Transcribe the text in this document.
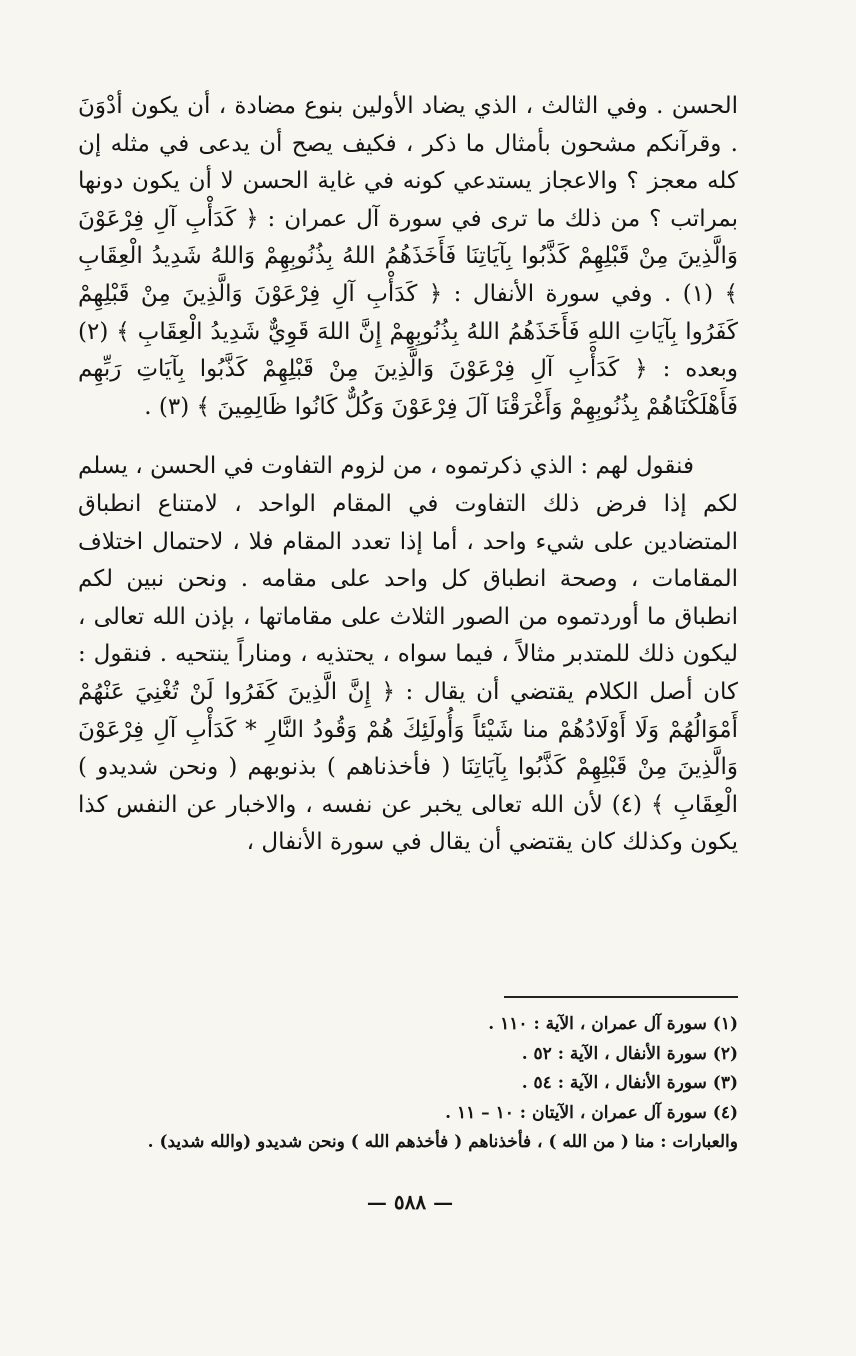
الحسن . وفي الثالث ، الذي يضاد الأولين بنوع مضادة ، أن يكون أدْوَنَ . وقرآنكم مشحون بأمثال ما ذكر ، فكيف يصح أن يدعى في مثله إن كله معجز ؟ والاعجاز يستدعي كونه في غاية الحسن لا أن يكون دونها بمراتب ؟ من ذلك ما ترى في سورة آل عمران : ﴿ كَدَأْبِ آلِ فِرْعَوْنَ وَالَّذِينَ مِنْ قَبْلِهِمْ كَذَّبُوا بِآيَاتِنَا فَأَخَذَهُمُ اللهُ بِذُنُوبِهِمْ وَاللهُ شَدِيدُ الْعِقَابِ ﴾ (١) . وفي سورة الأنفال : ﴿ كَدَأْبِ آلِ فِرْعَوْنَ وَالَّذِينَ مِنْ قَبْلِهِمْ كَفَرُوا بِآيَاتِ اللهِ فَأَخَذَهُمُ اللهُ بِذُنُوبِهِمْ إِنَّ اللهَ قَوِيٌّ شَدِيدُ الْعِقَابِ ﴾ (٢) وبعده : ﴿ كَدَأْبِ آلِ فِرْعَوْنَ وَالَّذِينَ مِنْ قَبْلِهِمْ كَذَّبُوا بِآيَاتِ رَبِّهِم فَأَهْلَكْنَاهُمْ بِذُنُوبِهِمْ وَأَغْرَقْنَا آلَ فِرْعَوْنَ وَكُلٌّ كَانُوا ظَالِمِينَ ﴾ (٣) .

فنقول لهم : الذي ذكرتموه ، من لزوم التفاوت في الحسن ، يسلم لكم إذا فرض ذلك التفاوت في المقام الواحد ، لامتناع انطباق المتضادين على شيء واحد ، أما إذا تعدد المقام فلا ، لاحتمال اختلاف المقامات ، وصحة انطباق كل واحد على مقامه . ونحن نبين لكم انطباق ما أوردتموه من الصور الثلاث على مقاماتها ، بإذن الله تعالى ، ليكون ذلك للمتدبر مثالاً ، فيما سواه ، يحتذيه ، ومناراً ينتحيه . فنقول : كان أصل الكلام يقتضي أن يقال : ﴿ إِنَّ الَّذِينَ كَفَرُوا لَنْ تُغْنِيَ عَنْهُمْ أَمْوَالُهُمْ وَلَا أَوْلَادُهُمْ منا شَيْئاً وَأُولَئِكَ هُمْ وَقُودُ النَّارِ * كَدَأْبِ آلِ فِرْعَوْنَ وَالَّذِينَ مِنْ قَبْلِهِمْ كَذَّبُوا بِآيَاتِنَا ( فأخذناهم ) بذنوبهم ( ونحن شديدو ) الْعِقَابِ ﴾ (٤) لأن الله تعالى يخبر عن نفسه ، والاخبار عن النفس كذا يكون وكذلك كان يقتضي أن يقال في سورة الأنفال ،

(١) سورة آل عمران ، الآية : ١١٠ .
(٢) سورة الأنفال ، الآية : ٥٢ .
(٣) سورة الأنفال ، الآية : ٥٤ .
(٤) سورة آل عمران ، الآيتان : ١٠ – ١١ .
والعبارات : منا ( من الله ) ، فأخذناهم ( فأخذهم الله ) ونحن شديدو (والله شديد) .
— ٥٨٨ —
